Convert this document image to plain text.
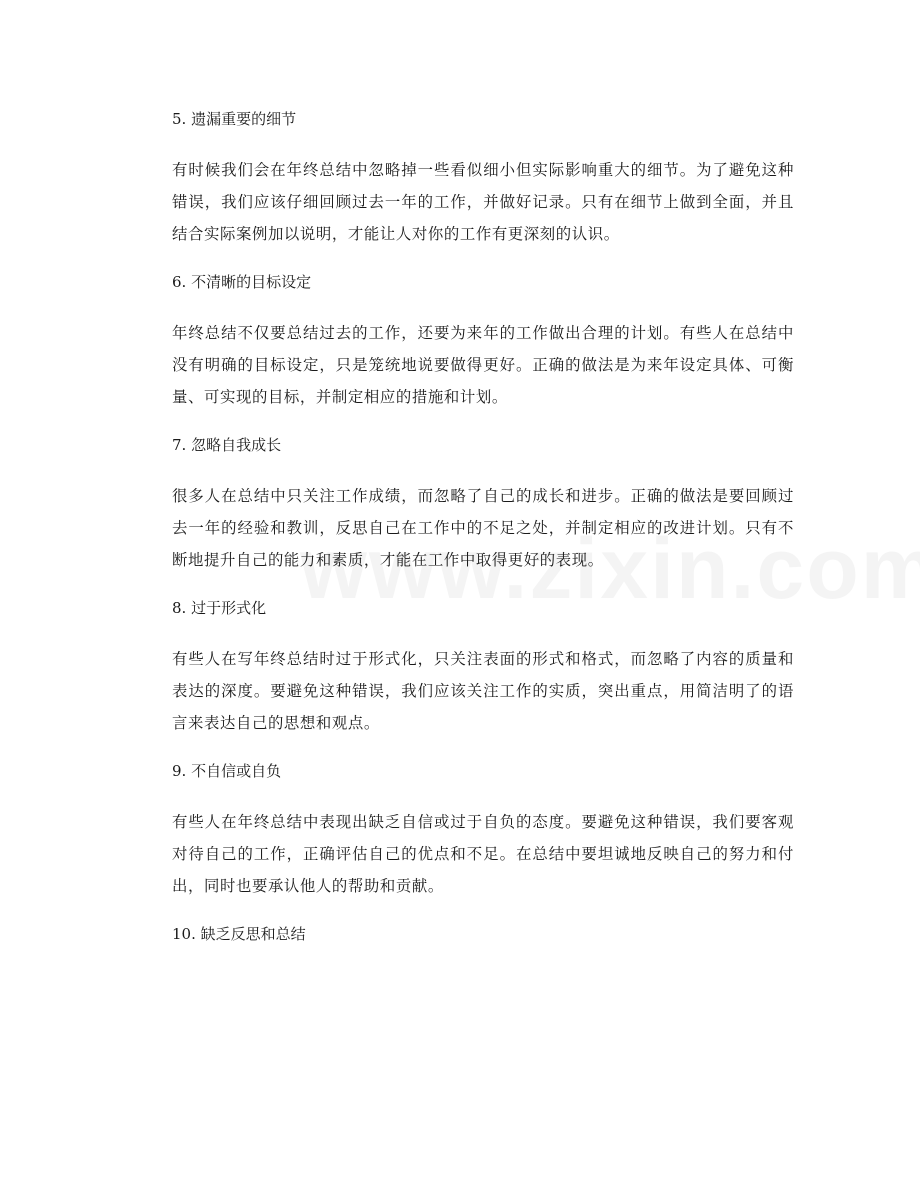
5. 遗漏重要的细节

有时候我们会在年终总结中忽略掉一些看似细小但实际影响重大的细节。为了避免这种错误，我们应该仔细回顾过去一年的工作，并做好记录。只有在细节上做到全面，并且结合实际案例加以说明，才能让人对你的工作有更深刻的认识。

6. 不清晰的目标设定

年终总结不仅要总结过去的工作，还要为来年的工作做出合理的计划。有些人在总结中没有明确的目标设定，只是笼统地说要做得更好。正确的做法是为来年设定具体、可衡量、可实现的目标，并制定相应的措施和计划。

7. 忽略自我成长

很多人在总结中只关注工作成绩，而忽略了自己的成长和进步。正确的做法是要回顾过去一年的经验和教训，反思自己在工作中的不足之处，并制定相应的改进计划。只有不断地提升自己的能力和素质，才能在工作中取得更好的表现。

8. 过于形式化

有些人在写年终总结时过于形式化，只关注表面的形式和格式，而忽略了内容的质量和表达的深度。要避免这种错误，我们应该关注工作的实质，突出重点，用简洁明了的语言来表达自己的思想和观点。

9. 不自信或自负

有些人在年终总结中表现出缺乏自信或过于自负的态度。要避免这种错误，我们要客观对待自己的工作，正确评估自己的优点和不足。在总结中要坦诚地反映自己的努力和付出，同时也要承认他人的帮助和贡献。

10. 缺乏反思和总结
